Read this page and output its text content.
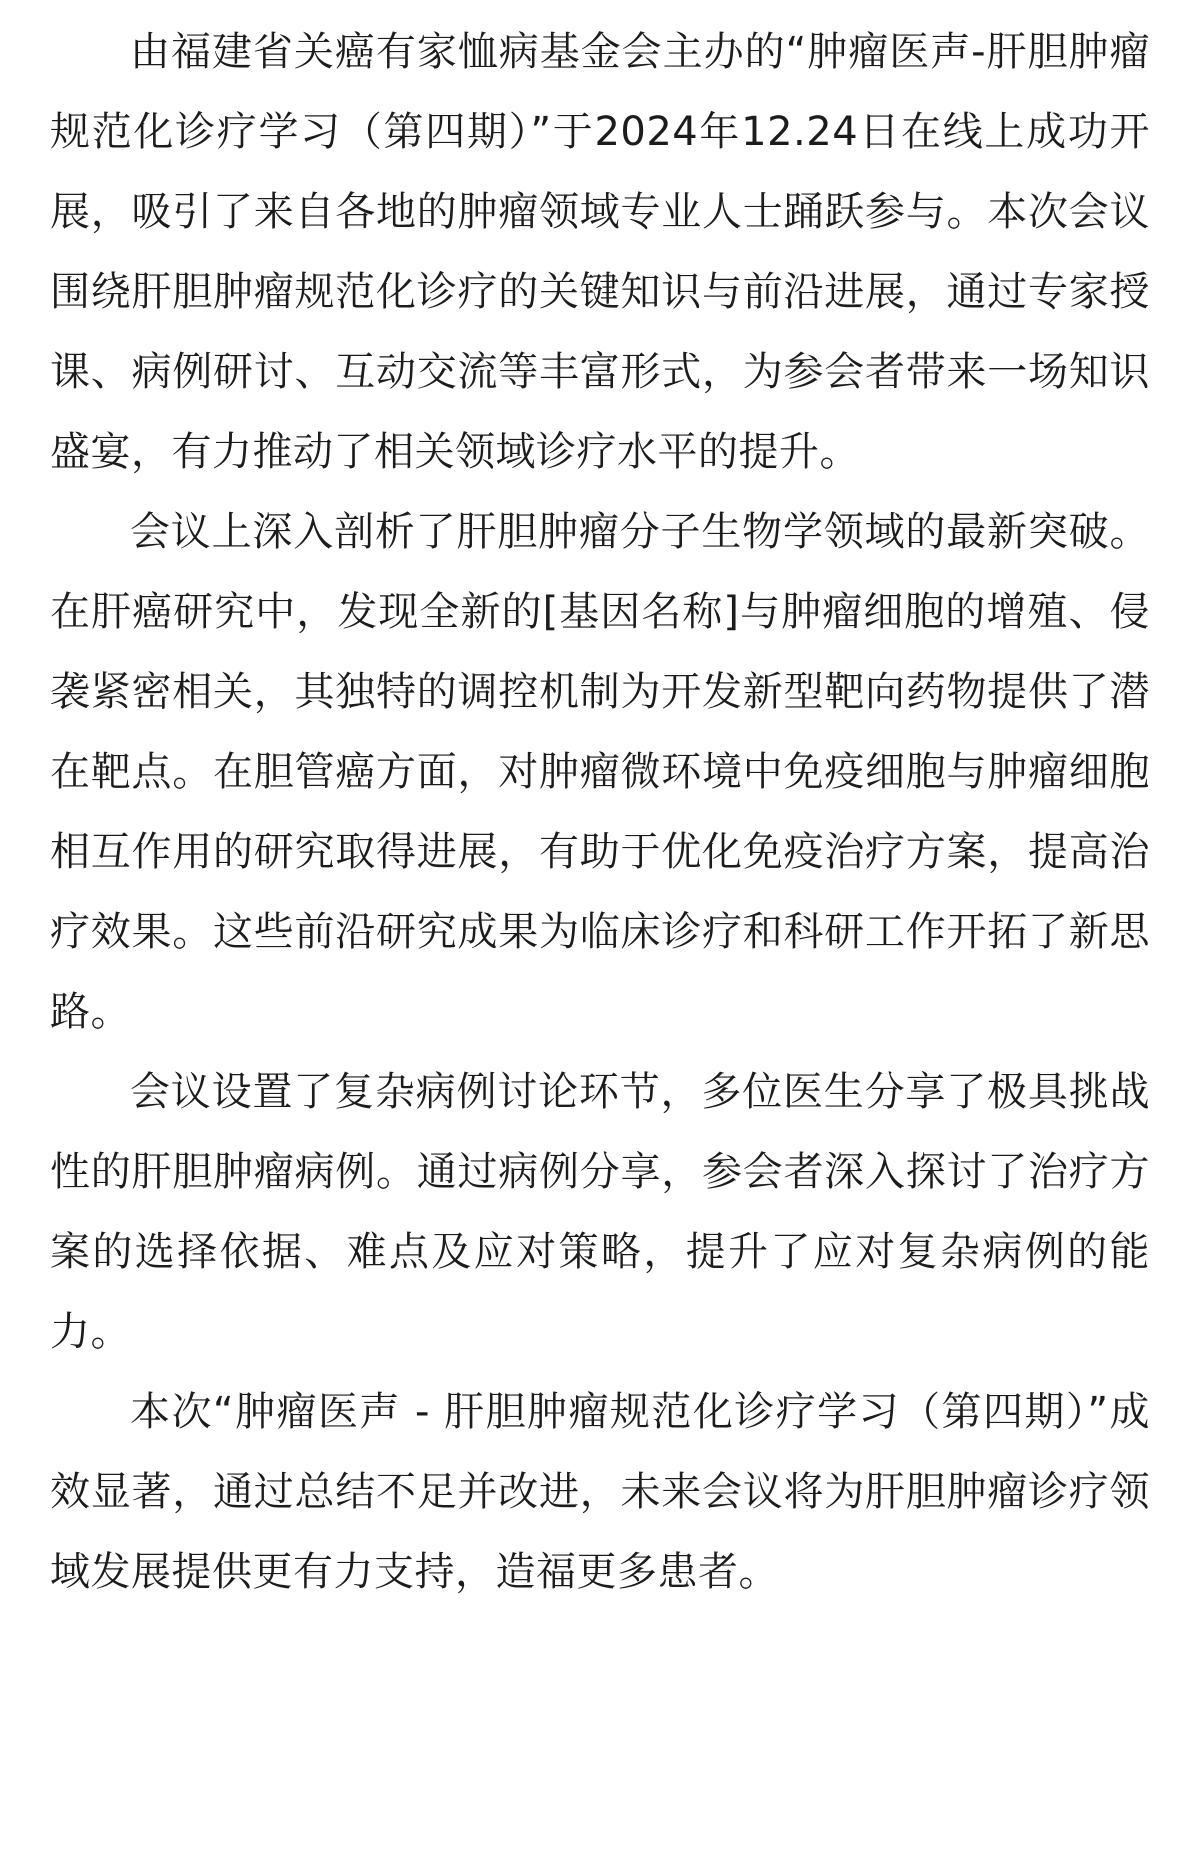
由福建省关癌有家恤病基金会主办的“肿瘤医声-肝胆肿瘤规范化诊疗学习（第四期）”于2024年12.24日在线上成功开展，吸引了来自各地的肿瘤领域专业人士踊跃参与。本次会议围绕肝胆肿瘤规范化诊疗的关键知识与前沿进展，通过专家授课、病例研讨、互动交流等丰富形式，为参会者带来一场知识盛宴，有力推动了相关领域诊疗水平的提升。

会议上深入剖析了肝胆肿瘤分子生物学领域的最新突破。在肝癌研究中，发现全新的[基因名称]与肿瘤细胞的增殖、侵袭紧密相关，其独特的调控机制为开发新型靶向药物提供了潜在靶点。在胆管癌方面，对肿瘤微环境中免疫细胞与肿瘤细胞相互作用的研究取得进展，有助于优化免疫治疗方案，提高治疗效果。这些前沿研究成果为临床诊疗和科研工作开拓了新思路。

会议设置了复杂病例讨论环节，多位医生分享了极具挑战性的肝胆肿瘤病例。通过病例分享，参会者深入探讨了治疗方案的选择依据、难点及应对策略，提升了应对复杂病例的能力。

本次“肿瘤医声 - 肝胆肿瘤规范化诊疗学习（第四期）”成效显著，通过总结不足并改进，未来会议将为肝胆肿瘤诊疗领域发展提供更有力支持，造福更多患者。
